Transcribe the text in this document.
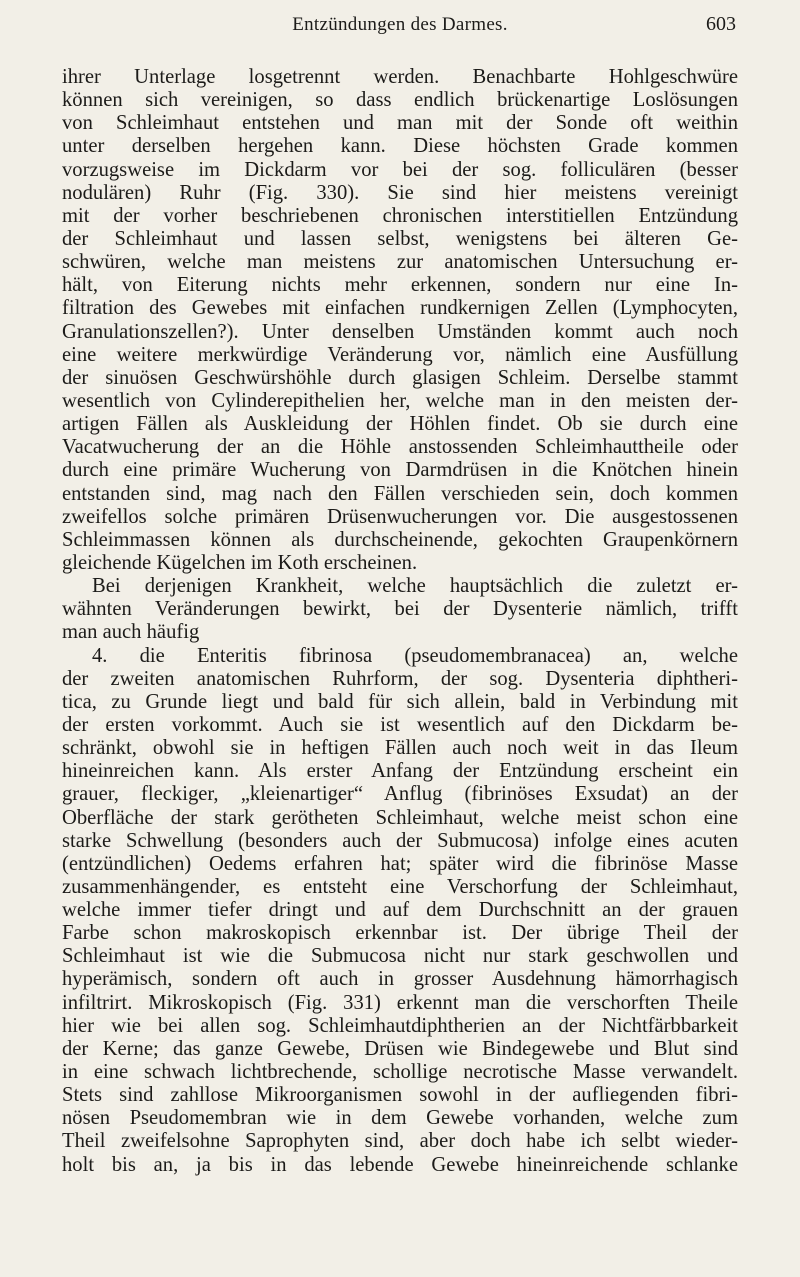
Entzündungen des Darmes.	603
ihrer Unterlage losgetrennt werden. Benachbarte Hohlgeschwüre
können sich vereinigen, so dass endlich brückenartige Loslösungen
von Schleimhaut entstehen und man mit der Sonde oft weithin
unter derselben hergehen kann. Diese höchsten Grade kommen
vorzugsweise im Dickdarm vor bei der sog. folliculären (besser
nodulären) Ruhr (Fig. 330). Sie sind hier meistens vereinigt
mit der vorher beschriebenen chronischen interstitiellen Entzündung
der Schleimhaut und lassen selbst, wenigstens bei älteren Ge-
schwüren, welche man meistens zur anatomischen Untersuchung er-
hält, von Eiterung nichts mehr erkennen, sondern nur eine In-
filtration des Gewebes mit einfachen rundkernigen Zellen (Lymphocyten,
Granulationszellen?). Unter denselben Umständen kommt auch noch
eine weitere merkwürdige Veränderung vor, nämlich eine Ausfüllung
der sinuösen Geschwürshöhle durch glasigen Schleim. Derselbe stammt
wesentlich von Cylinderepithelien her, welche man in den meisten der-
artigen Fällen als Auskleidung der Höhlen findet. Ob sie durch eine
Vacatwucherung der an die Höhle anstossenden Schleimhauttheile oder
durch eine primäre Wucherung von Darmdrüsen in die Knötchen hinein
entstanden sind, mag nach den Fällen verschieden sein, doch kommen
zweifellos solche primären Drüsenwucherungen vor. Die ausgestossenen
Schleimmassen können als durchscheinende, gekochten Graupenkörnern
gleichende Kügelchen im Koth erscheinen.
Bei derjenigen Krankheit, welche hauptsächlich die zuletzt er-
wähnten Veränderungen bewirkt, bei der Dysenterie nämlich, trifft
man auch häufig
4. die Enteritis fibrinosa (pseudomembranacea) an, welche
der zweiten anatomischen Ruhrform, der sog. Dysenteria diphtheri-
tica, zu Grunde liegt und bald für sich allein, bald in Verbindung mit
der ersten vorkommt. Auch sie ist wesentlich auf den Dickdarm be-
schränkt, obwohl sie in heftigen Fällen auch noch weit in das Ileum
hineinreichen kann. Als erster Anfang der Entzündung erscheint ein
grauer, fleckiger, „kleienartiger“ Anflug (fibrinöses Exsudat) an der
Oberfläche der stark gerötheten Schleimhaut, welche meist schon eine
starke Schwellung (besonders auch der Submucosa) infolge eines acuten
(entzündlichen) Oedems erfahren hat; später wird die fibrinöse Masse
zusammenhängender, es entsteht eine Verschorfung der Schleimhaut,
welche immer tiefer dringt und auf dem Durchschnitt an der grauen
Farbe schon makroskopisch erkennbar ist. Der übrige Theil der
Schleimhaut ist wie die Submucosa nicht nur stark geschwollen und
hyperämisch, sondern oft auch in grosser Ausdehnung hämorrhagisch
infiltrirt. Mikroskopisch (Fig. 331) erkennt man die verschorften Theile
hier wie bei allen sog. Schleimhautdiphtherien an der Nichtfärbbarkeit
der Kerne; das ganze Gewebe, Drüsen wie Bindegewebe und Blut sind
in eine schwach lichtbrechende, schollige necrotische Masse verwandelt.
Stets sind zahllose Mikroorganismen sowohl in der aufliegenden fibri-
nösen Pseudomembran wie in dem Gewebe vorhanden, welche zum
Theil zweifelsohne Saprophyten sind, aber doch habe ich selbt wieder-
holt bis an, ja bis in das lebende Gewebe hineinreichende schlanke
